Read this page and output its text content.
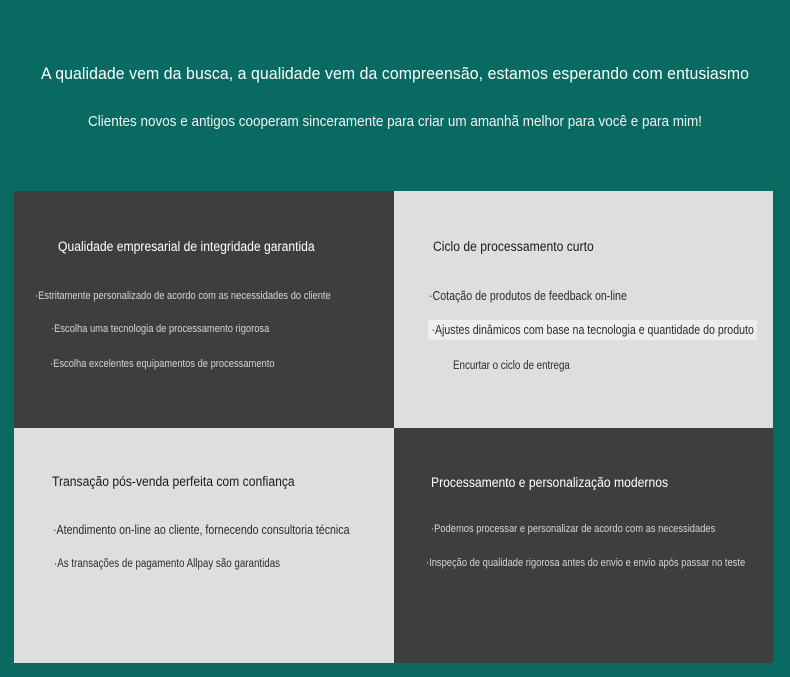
A qualidade vem da busca, a qualidade vem da compreensão, estamos esperando com entusiasmo
Clientes novos e antigos cooperam sinceramente para criar um amanhã melhor para você e para mim!
Qualidade empresarial de integridade garantida
·Estritamente personalizado de acordo com as necessidades do cliente
·Escolha uma tecnologia de processamento rigorosa
·Escolha excelentes equipamentos de processamento
Ciclo de processamento curto
·Cotação de produtos de feedback on-line
·Ajustes dinâmicos com base na tecnologia e quantidade do produto
Encurtar o ciclo de entrega
Transação pós-venda perfeita com confiança
·Atendimento on-line ao cliente, fornecendo consultoria técnica
·As transações de pagamento Allpay são garantidas
Processamento e personalização modernos
·Podemos processar e personalizar de acordo com as necessidades
·Inspeção de qualidade rigorosa antes do envio e envio após passar no teste
